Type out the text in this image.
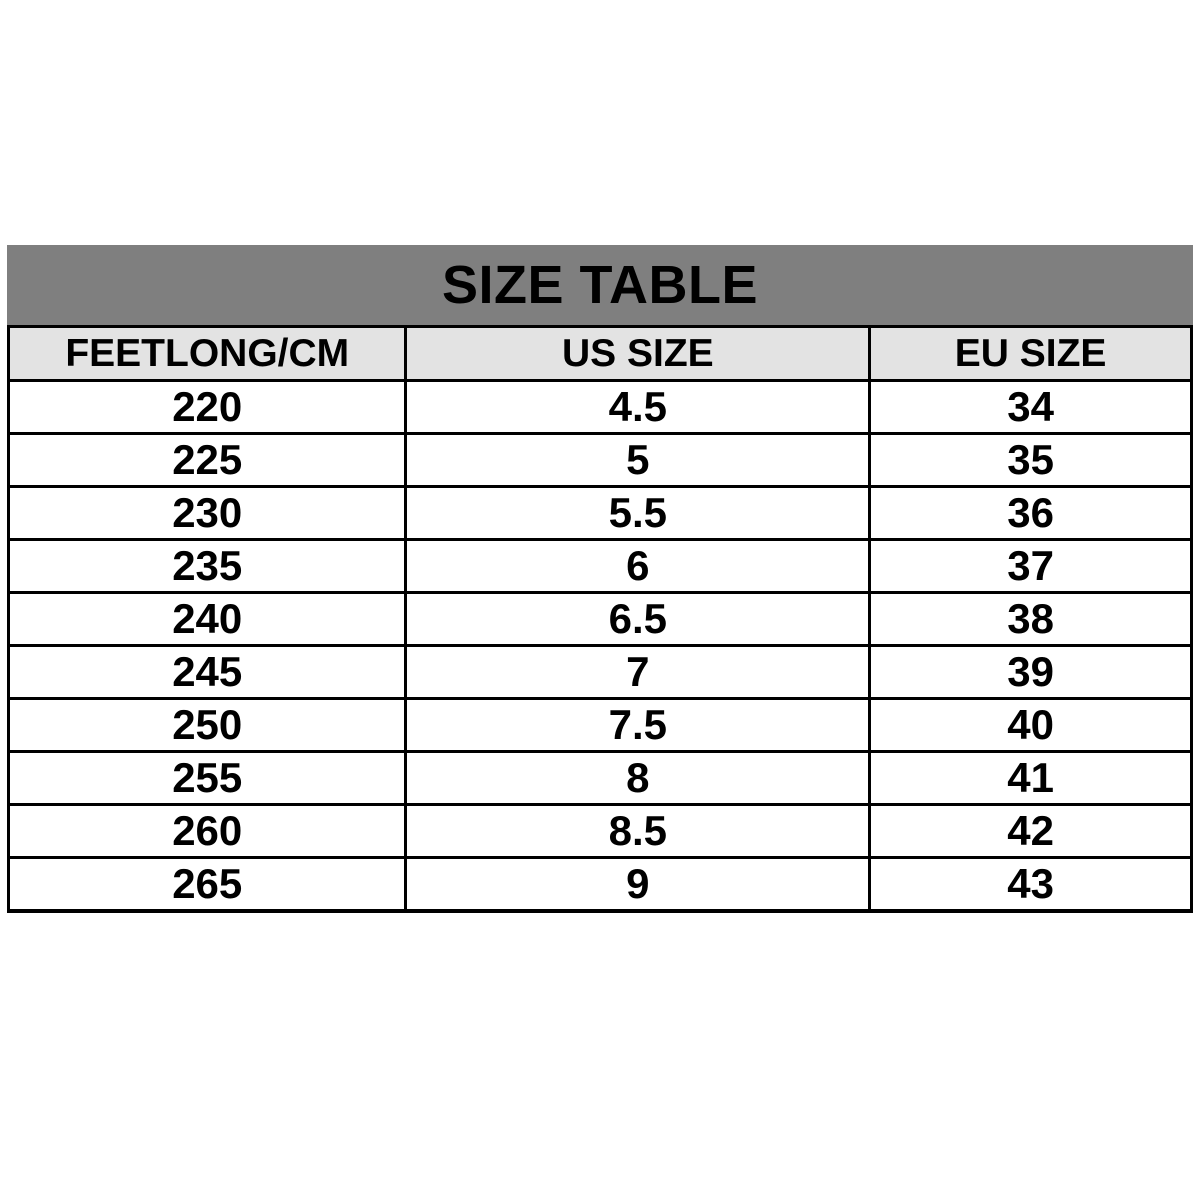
SIZE TABLE
FEETLONG/CM	US SIZE	EU SIZE
220	4.5	34
225	5	35
230	5.5	36
235	6	37
240	6.5	38
245	7	39
250	7.5	40
255	8	41
260	8.5	42
265	9	43
